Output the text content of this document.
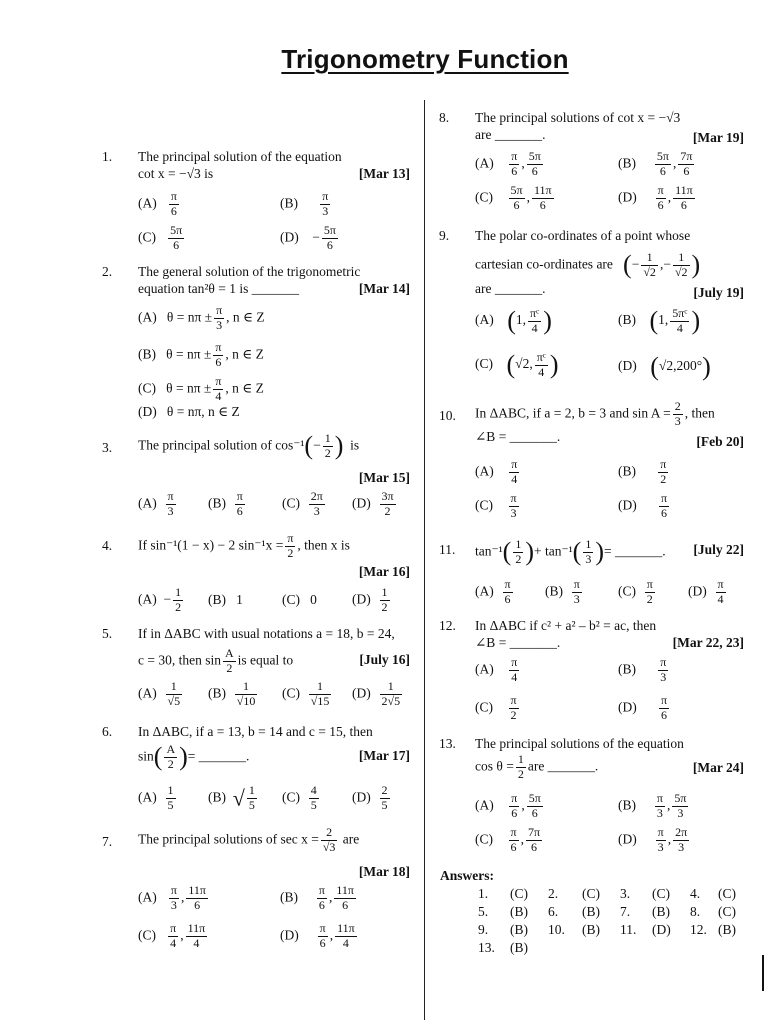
Trigonometry Function
1. The principal solution of the equation
cot x = −√3 is	[Mar 13]
$(A) \frac{\pi}{6}$	$(B) \frac{\pi}{3}$
$(C) \frac{5\pi}{6}$	$(D) - \frac{5\pi}{6}$
2. The general solution of the trigonometric
equation tan²θ = 1 is _______	[Mar 14]
(A) $\theta = n\pi \pm \frac{\pi}{3}$ , n ∈ Z
(B) $\theta = n\pi \pm \frac{\pi}{6}$ , n ∈ Z
(C) $\theta = n\pi \pm \frac{\pi}{4}$ , n ∈ Z
(D) θ = nπ, n ∈ Z
3. The principal solution of $\cos^{-1}(- \frac{1}{2}$ ) is
[Mar 15]
$(A) \frac{\pi}{3} (B) \frac{\pi}{6}$	$(C) \frac{2\pi}{3} (D) \frac{3\pi}{2}$
4. If sin⁻¹(1 − x) − 2 $\sin^{-1}x = \frac{\pi}{2}$ , then x is
[Mar 16]
$(A) - \frac{1}{2} (B)$ 1	(C) 0	$(D) \frac{1}{2}$
5. If in ΔABC with usual notations a = 18, b = 24,
c = 30, then $\sin \frac{A}{2}$ is equal to	[July 16]
$(A) \frac{1}{√5} (B) \frac{1}{√10} (C) \frac{1}{√15} (D) \frac{1}{2√5}$
6. In ΔABC, if a = 13, b = 14 and c = 15, then
$\sin( \frac{A}{2}$ )= _______.	[Mar 17]
$(A) \frac{1}{5} (B)$ √ $\frac{1}{5} (C) \frac{4}{5} (D) \frac{2}{5}$
7. The principal solutions of $\sec x = \frac{2}{√3}$ are
[Mar 18]
$(A) \frac{\pi}{3}$ , $\frac{11\pi}{6}$	$(B) \frac{\pi}{6}$ , $\frac{11\pi}{6}$
$(C) \frac{\pi}{4}$ , $\frac{11\pi}{4}$	$(D) \frac{\pi}{6}$ , $\frac{11\pi}{4}$
8. The principal solutions of cot x = −√3
are _______.	[Mar 19]
$(A) \frac{\pi}{6}$ , $\frac{5\pi}{6}$	$(B) \frac{5\pi}{6}$ , $\frac{7\pi}{6}$
$(C) \frac{5\pi}{6}$ , $\frac{11\pi}{6}$	$(D) \frac{\pi}{6}$ , $\frac{11\pi}{6}$
9. The polar co-ordinates of a point whose
cartesian co-ordinates are (− $\frac{1}{√2}$ ,− $\frac{1}{√2}$ )
are _______.	[July 19]
(A) (1, $\frac{\text{πᶜ}}{4}$ )	(B) (1, $\frac{\text{5πᶜ}}{4}$ )
(C) (√2, $\frac{\text{πᶜ}}{4}$ )	(D) (√2,200°)
10. In ΔABC, if a = 2, b = 3 and $\sin A = \frac{2}{3}$ , then
∠B = _______.	[Feb 20]
$(A) \frac{\pi}{4}$	$(B) \frac{\pi}{2}$
$(C) \frac{\pi}{3}$	$(D) \frac{\pi}{6}$
11. $\tan^{-1}( \frac{1}{2}$ )+ $\tan^{-1}( \frac{1}{3}$ )= _______.	[July 22]
$(A) \frac{\pi}{6} (B) \frac{\pi}{3}$	$(C) \frac{\pi}{2} (D) \frac{\pi}{4}$
12. In ΔABC if c² + a² – b² = ac, then
∠B = _______.	[Mar 22, 23]
$(A) \frac{\pi}{4}$	$(B) \frac{\pi}{3}$
$(C) \frac{\pi}{2}$	$(D) \frac{\pi}{6}$
13. The principal solutions of the equation
$\cos \theta = \frac{1}{2}$ are _______.	[Mar 24]
$(A) \frac{\pi}{6}$ , $\frac{5\pi}{6}$	$(B) \frac{\pi}{3}$ , $\frac{5\pi}{3}$
$(C) \frac{\pi}{6}$ , $\frac{7\pi}{6}$	$(D) \frac{\pi}{3}$ , $\frac{2\pi}{3}$
Answers:
1. (C) 2. (C) 3. (C) 4. (C)
5. (B) 6. (B) 7. (B) 8. (C)
9. (B) 10. (B) 11. (D) 12. (B)
13. (B)
